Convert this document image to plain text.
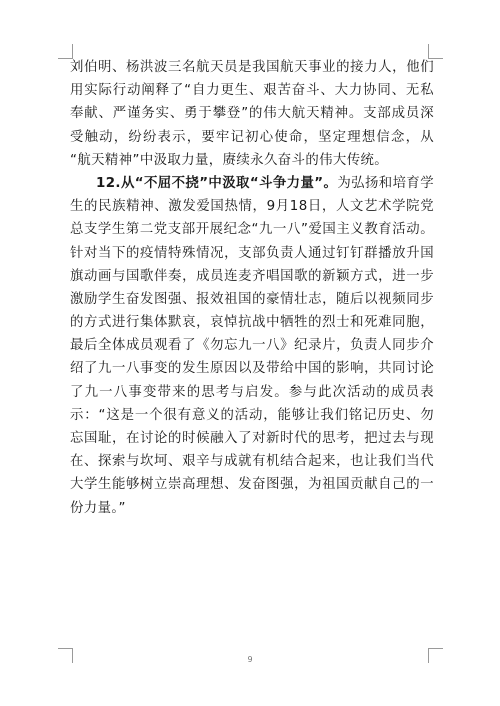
刘伯明、杨洪波三名航天员是我国航天事业的接力人，他们
用实际行动阐释了“自力更生、艰苦奋斗、大力协同、无私
奉献、严谨务实、勇于攀登”的伟大航天精神。支部成员深
受触动，纷纷表示，要牢记初心使命，坚定理想信念，从
“航天精神”中汲取力量，赓续永久奋斗的伟大传统。
12.从“不屈不挠”中汲取“斗争力量”。为弘扬和培育学
生的民族精神、激发爱国热情，9月18日，人文艺术学院党
总支学生第二党支部开展纪念“九一八”爱国主义教育活动。
针对当下的疫情特殊情况，支部负责人通过钉钉群播放升国
旗动画与国歌伴奏，成员连麦齐唱国歌的新颖方式，进一步
激励学生奋发图强、报效祖国的豪情壮志，随后以视频同步
的方式进行集体默哀，哀悼抗战中牺牲的烈士和死难同胞，
最后全体成员观看了《勿忘九一八》纪录片，负责人同步介
绍了九一八事变的发生原因以及带给中国的影响，共同讨论
了九一八事变带来的思考与启发。参与此次活动的成员表
示：“这是一个很有意义的活动，能够让我们铭记历史、勿
忘国耻，在讨论的时候融入了对新时代的思考，把过去与现
在、探索与坎坷、艰辛与成就有机结合起来，也让我们当代
大学生能够树立崇高理想、发奋图强，为祖国贡献自己的一
份力量。”
9
